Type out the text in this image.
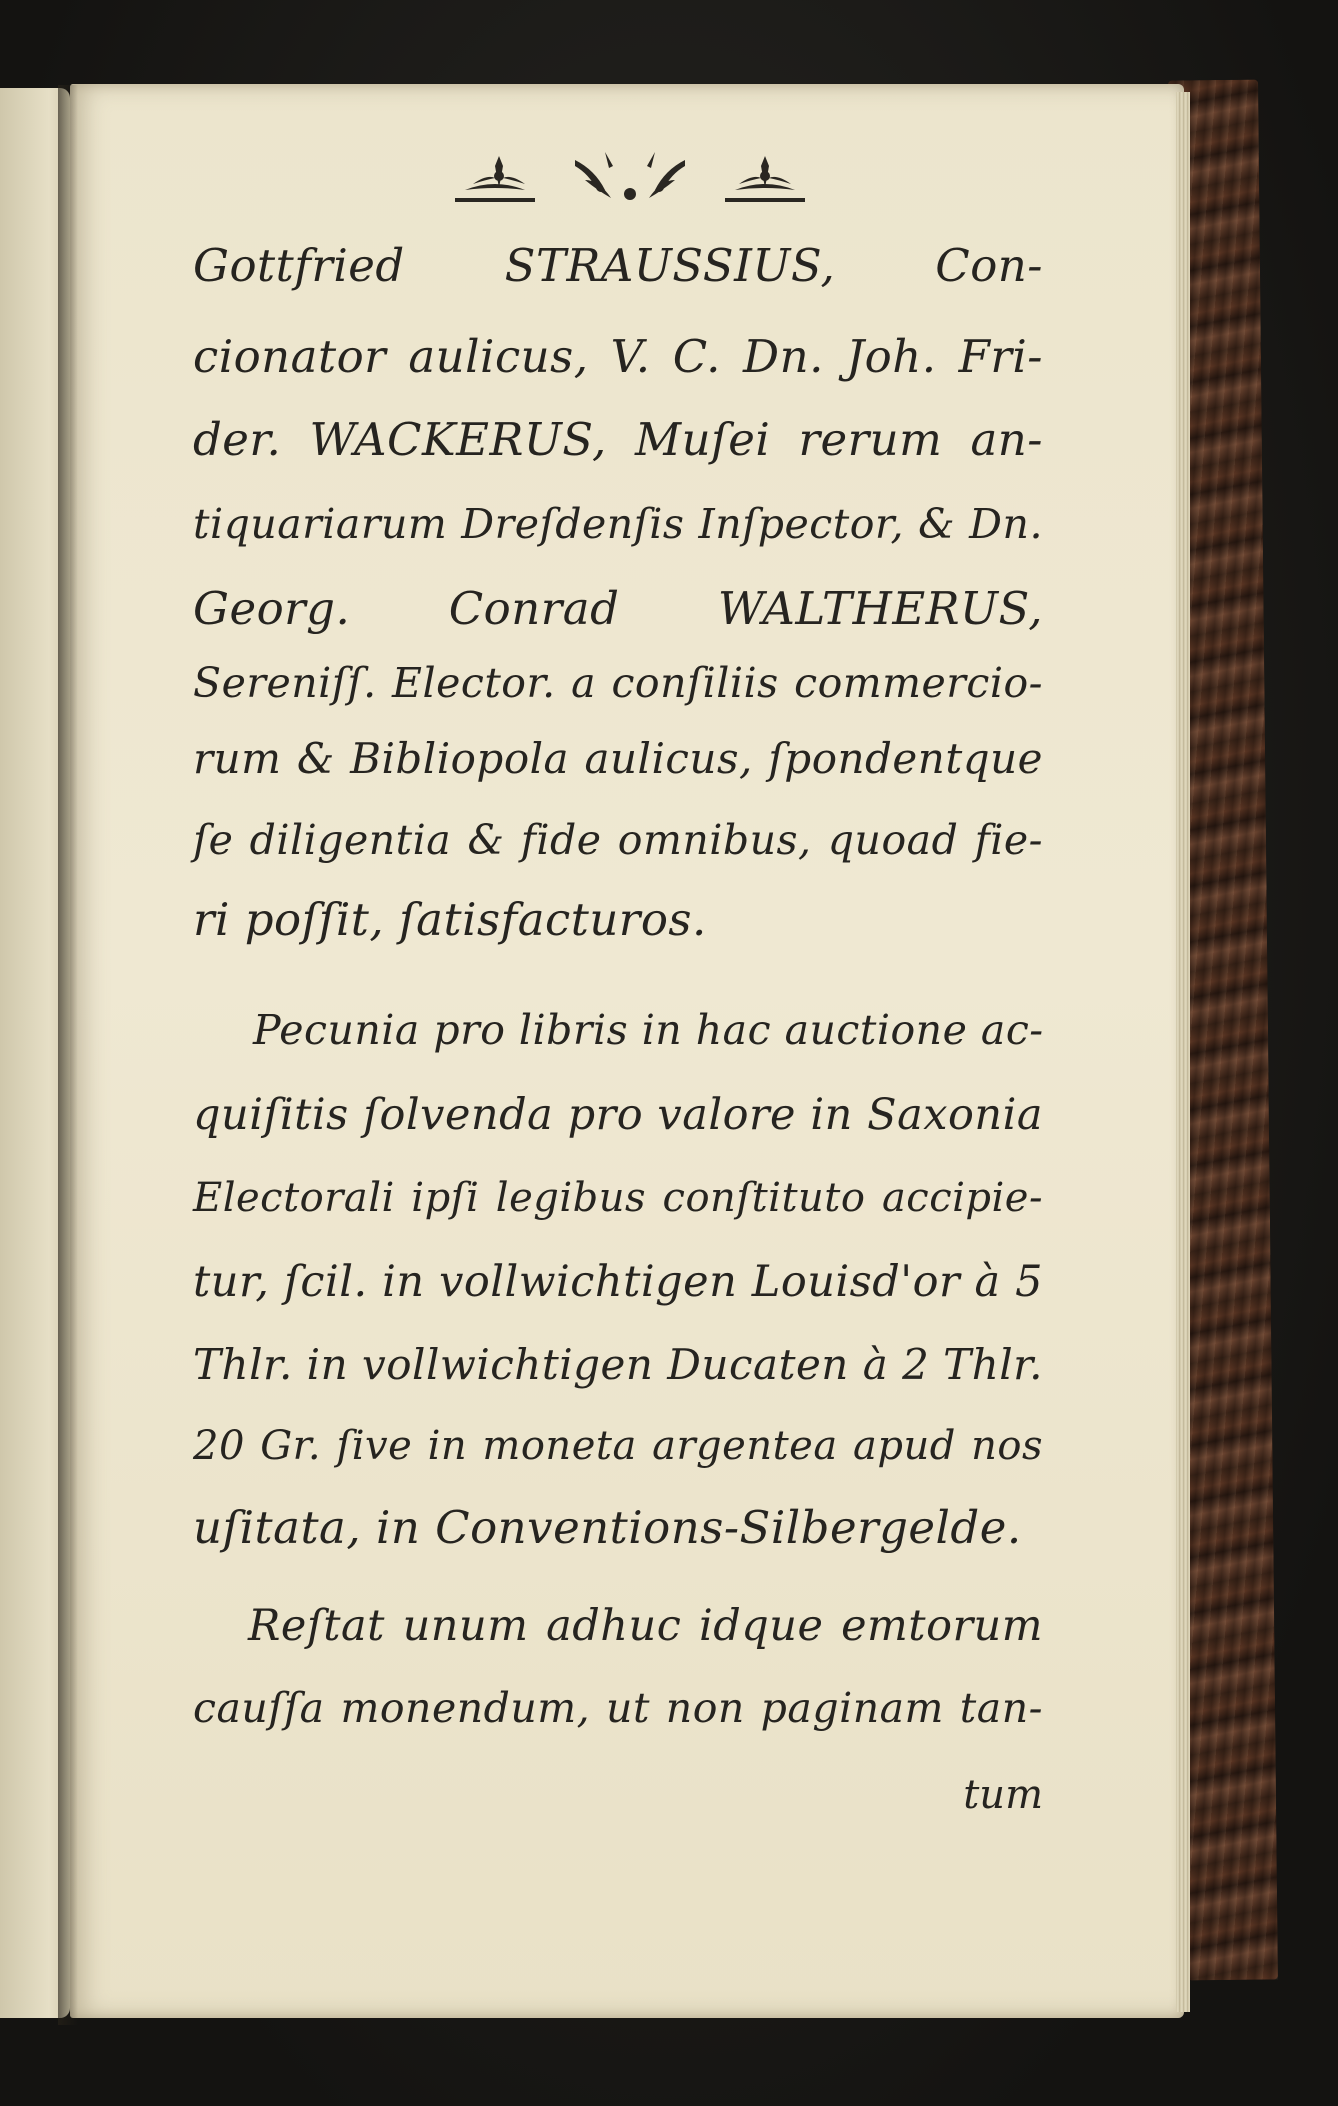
Gottfried STRAUSSIUS, Con-
cionator aulicus, V. C. Dn. Joh. Fri-
der. WACKERUS, Muſei rerum an-
tiquariarum Dreſdenſis Inſpector, & Dn.
Georg. Conrad WALTHERUS,
Sereniſſ. Elector. a conſiliis commercio-
rum & Bibliopola aulicus, ſpondentque
ſe diligentia & fide omnibus, quoad fie-
ri poſſit, ſatisfacturos.
Pecunia pro libris in hac auctione ac-
quiſitis ſolvenda pro valore in Saxonia
Electorali ipſi legibus conſtituto accipie-
tur, ſcil. in vollwichtigen Louisd'or à 5
Thlr. in vollwichtigen Ducaten à 2 Thlr.
20 Gr. ſive in moneta argentea apud nos
uſitata, in Conventions-Silbergelde.
Reſtat unum adhuc idque emtorum
cauſſa monendum, ut non paginam tan-
tum
